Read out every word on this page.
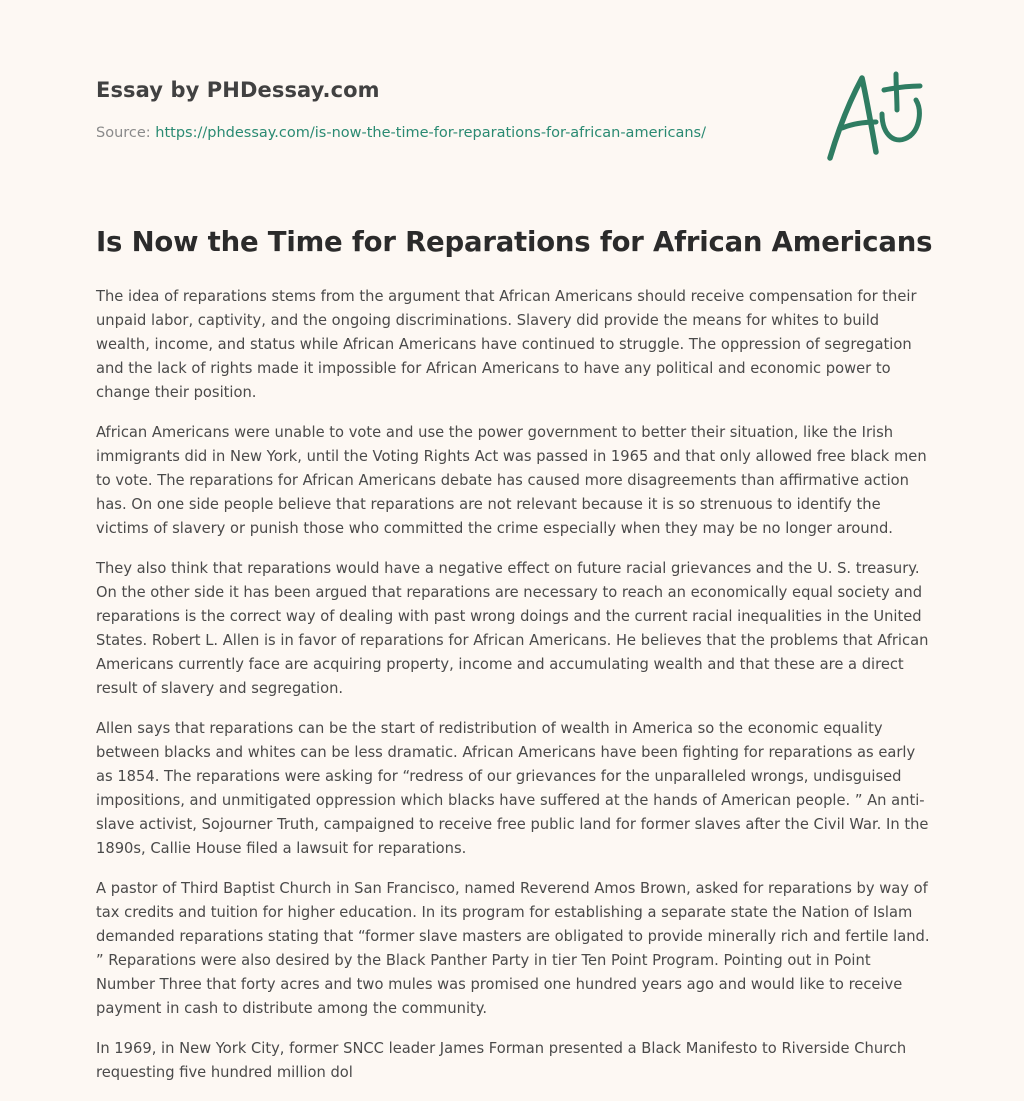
Essay by PHDessay.com
Source: https://phdessay.com/is-now-the-time-for-reparations-for-african-americans/
Is Now the Time for Reparations for African Americans

The idea of reparations stems from the argument that African Americans should receive compensation for their unpaid labor, captivity, and the ongoing discriminations. Slavery did provide the means for whites to build wealth, income, and status while African Americans have continued to struggle. The oppression of segregation and the lack of rights made it impossible for African Americans to have any political and economic power to change their position.

African Americans were unable to vote and use the power government to better their situation, like the Irish immigrants did in New York, until the Voting Rights Act was passed in 1965 and that only allowed free black men to vote. The reparations for African Americans debate has caused more disagreements than affirmative action has. On one side people believe that reparations are not relevant because it is so strenuous to identify the victims of slavery or punish those who committed the crime especially when they may be no longer around.

They also think that reparations would have a negative effect on future racial grievances and the U. S. treasury. On the other side it has been argued that reparations are necessary to reach an economically equal society and reparations is the correct way of dealing with past wrong doings and the current racial inequalities in the United States. Robert L. Allen is in favor of reparations for African Americans. He believes that the problems that African Americans currently face are acquiring property, income and accumulating wealth and that these are a direct result of slavery and segregation.

Allen says that reparations can be the start of redistribution of wealth in America so the economic equality between blacks and whites can be less dramatic. African Americans have been fighting for reparations as early as 1854. The reparations were asking for “redress of our grievances for the unparalleled wrongs, undisguised impositions, and unmitigated oppression which blacks have suffered at the hands of American people. ” An anti-slave activist, Sojourner Truth, campaigned to receive free public land for former slaves after the Civil War. In the 1890s, Callie House filed a lawsuit for reparations.

A pastor of Third Baptist Church in San Francisco, named Reverend Amos Brown, asked for reparations by way of tax credits and tuition for higher education. In its program for establishing a separate state the Nation of Islam demanded reparations stating that “former slave masters are obligated to provide minerally rich and fertile land. ” Reparations were also desired by the Black Panther Party in tier Ten Point Program. Pointing out in Point Number Three that forty acres and two mules was promised one hundred years ago and would like to receive payment in cash to distribute among the community.

In 1969, in New York City, former SNCC leader James Forman presented a Black Manifesto to Riverside Church requesting five hundred million dol
